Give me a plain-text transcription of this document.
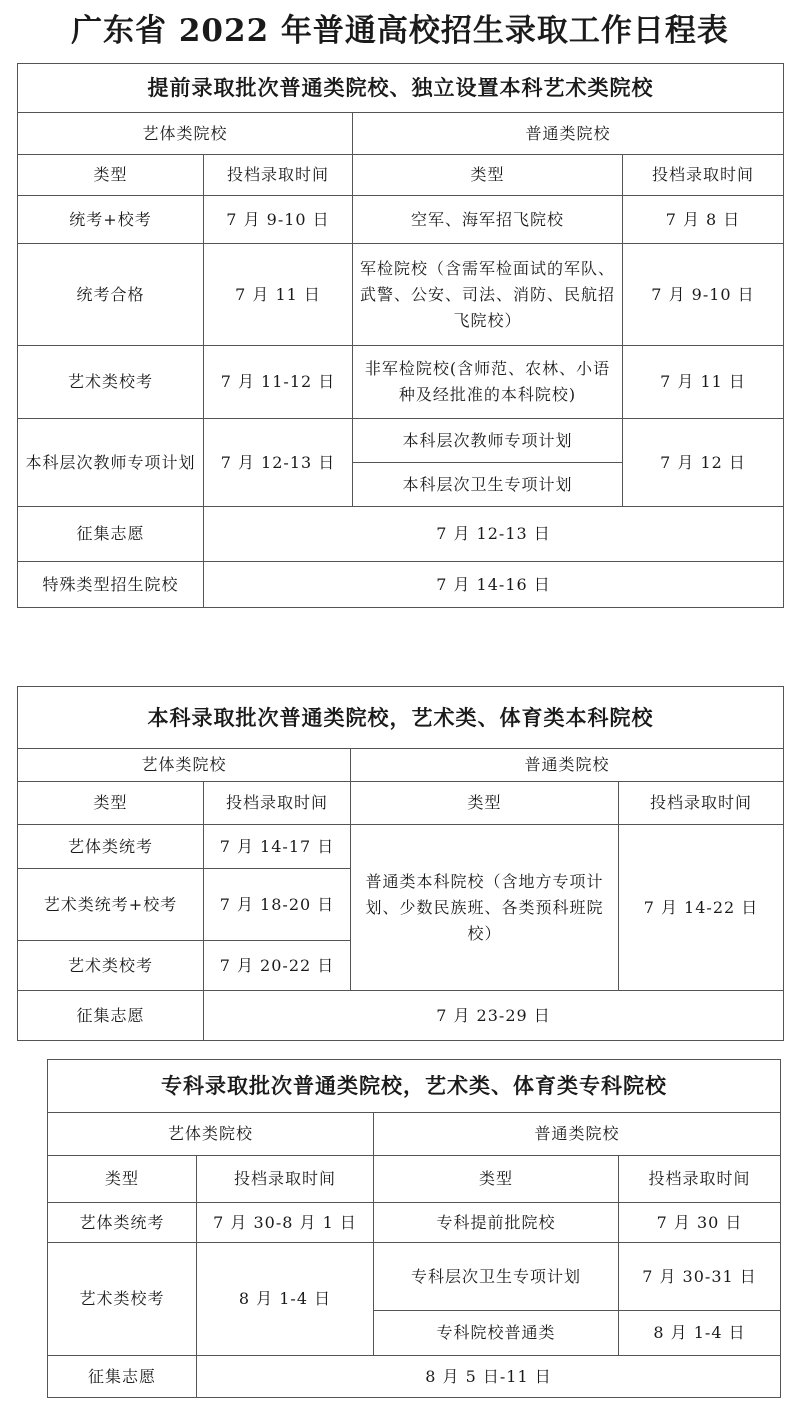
广东省 2022 年普通高校招生录取工作日程表
提前录取批次普通类院校、独立设置本科艺术类院校			
艺体类院校		普通类院校	
类型	投档录取时间	类型	投档录取时间
统考+校考	7 月 9-10 日	空军、海军招飞院校	7 月 8 日
统考合格	7 月 11 日	军检院校（含需军检面试的军队、武警、公安、司法、消防、民航招飞院校）	7 月 9-10 日
艺术类校考	7 月 11-12 日	非军检院校(含师范、农林、小语种及经批准的本科院校)	7 月 11 日
本科层次教师专项计划	7 月 12-13 日	本科层次教师专项计划	7 月 12 日
		本科层次卫生专项计划	
征集志愿	7 月 12-13 日		
特殊类型招生院校	7 月 14-16 日		
本科录取批次普通类院校，艺术类、体育类本科院校			
艺体类院校		普通类院校	
类型	投档录取时间	类型	投档录取时间
艺体类统考	7 月 14-17 日	普通类本科院校（含地方专项计划、少数民族班、各类预科班院校）	7 月 14-22 日
艺术类统考+校考	7 月 18-20 日		
艺术类校考	7 月 20-22 日		
征集志愿	7 月 23-29 日		
专科录取批次普通类院校，艺术类、体育类专科院校			
艺体类院校		普通类院校	
类型	投档录取时间	类型	投档录取时间
艺体类统考	7 月 30-8 月 1 日	专科提前批院校	7 月 30 日
艺术类校考	8 月 1-4 日	专科层次卫生专项计划	7 月 30-31 日
		专科院校普通类	8 月 1-4 日
征集志愿	8 月 5 日-11 日		
